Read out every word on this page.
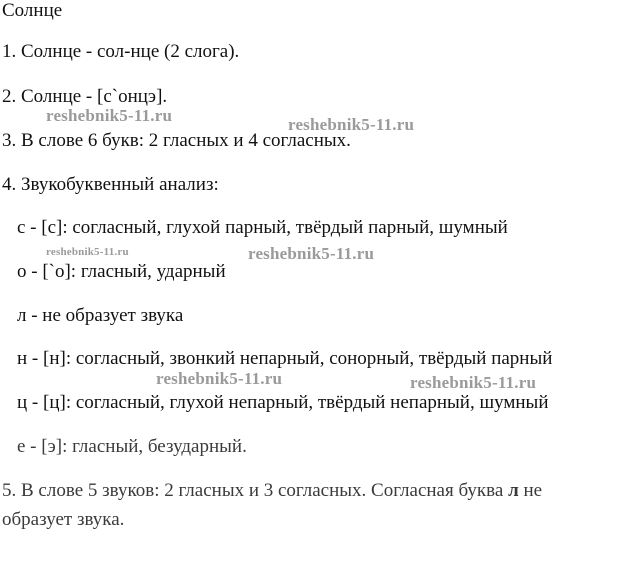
Солнце
1. Солнце - сол-нце (2 слога).
2. Солнце - [с`онцэ].
3. В слове 6 букв: 2 гласных и 4 согласных.
4. Звукобуквенный анализ:
с - [с]: согласный, глухой парный, твёрдый парный, шумный
о - [`о]: гласный, ударный
л - не образует звука
н - [н]: согласный, звонкий непарный, сонорный, твёрдый парный
ц - [ц]: согласный, глухой непарный, твёрдый непарный, шумный
е - [э]: гласный, безударный.
5. В слове 5 звуков: 2 гласных и 3 согласных. Согласная буква л не
образует звука.
reshebnik5-11.ru	reshebnik5-11.ru
reshebnik5-11.ru	reshebnik5-11.ru
reshebnik5-11.ru	reshebnik5-11.ru
